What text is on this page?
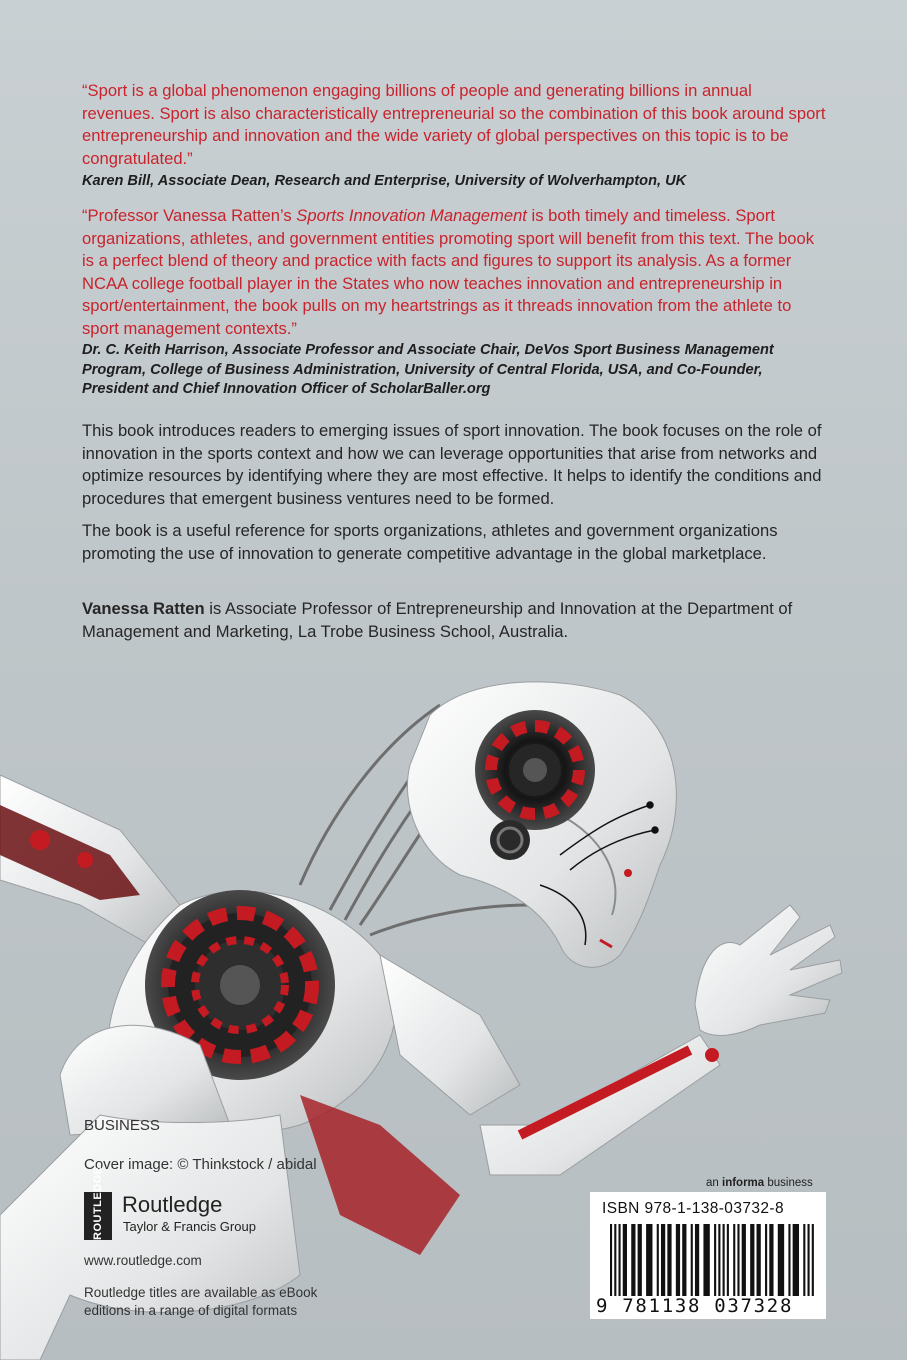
“Sport is a global phenomenon engaging billions of people and generating billions in annual revenues. Sport is also characteristically entrepreneurial so the combination of this book around sport entrepreneurship and innovation and the wide variety of global perspectives on this topic is to be congratulated.”
Karen Bill, Associate Dean, Research and Enterprise, University of Wolverhampton, UK
“Professor Vanessa Ratten’s Sports Innovation Management is both timely and timeless. Sport organizations, athletes, and government entities promoting sport will benefit from this text. The book is a perfect blend of theory and practice with facts and figures to support its analysis. As a former NCAA college football player in the States who now teaches innovation and entrepreneurship in sport/entertainment, the book pulls on my heartstrings as it threads innovation from the athlete to sport management contexts.”
Dr. C. Keith Harrison, Associate Professor and Associate Chair, DeVos Sport Business Management Program, College of Business Administration, University of Central Florida, USA, and Co-Founder, President and Chief Innovation Officer of ScholarBaller.org
This book introduces readers to emerging issues of sport innovation. The book focuses on the role of innovation in the sports context and how we can leverage opportunities that arise from networks and optimize resources by identifying where they are most effective. It helps to identify the conditions and procedures that emergent business ventures need to be formed.
The book is a useful reference for sports organizations, athletes and government organizations promoting the use of innovation to generate competitive advantage in the global marketplace.
Vanessa Ratten is Associate Professor of Entrepreneurship and Innovation at the Department of Management and Marketing, La Trobe Business School, Australia.
BUSINESS
Cover image: © Thinkstock / abidal
ROUTLEDGE Routledge
Taylor & Francis Group
www.routledge.com
Routledge titles are available as eBook editions in a range of digital formats
an informa business
ISBN 978-1-138-03732-8
9 781138 037328
